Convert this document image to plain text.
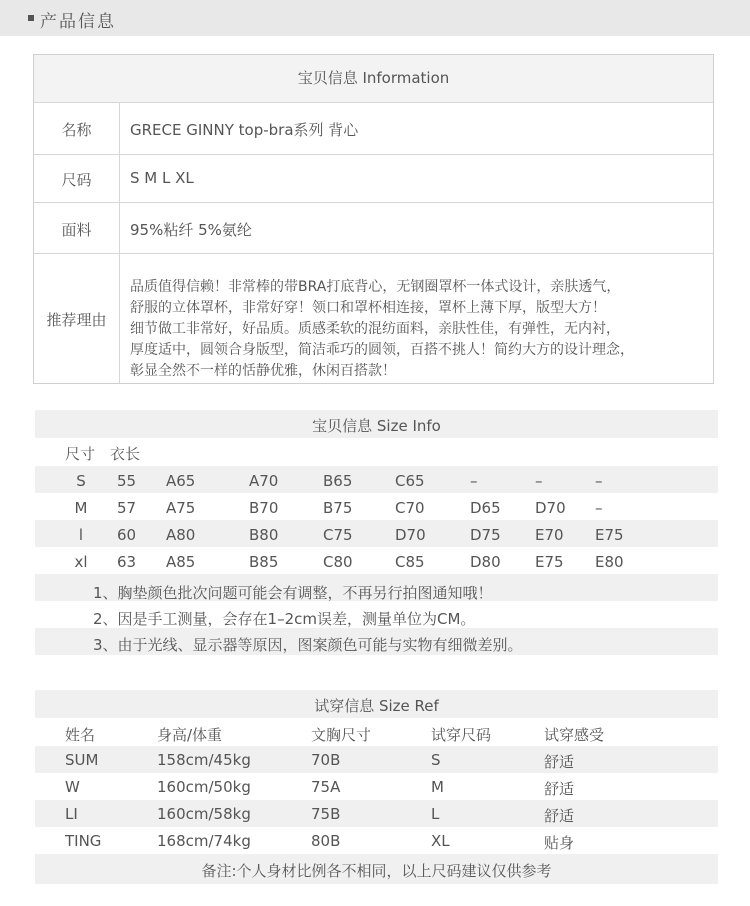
产品信息
宝贝信息 Information
名称	GRECE GINNY top-bra系列 背心
尺码	S M L XL
面料	95%粘纤 5%氨纶
推荐理由
品质值得信赖！非常棒的带BRA打底背心，无钢圈罩杯一体式设计，亲肤透气，
舒服的立体罩杯，非常好穿！领口和罩杯相连接，罩杯上薄下厚，版型大方！
细节做工非常好，好品质。质感柔软的混纺面料，亲肤性佳，有弹性，无内衬，
厚度适中，圆领合身版型，简洁乖巧的圆领，百搭不挑人！简约大方的设计理念，
彰显全然不一样的恬静优雅，休闲百搭款！
宝贝信息 Size Info
尺寸 衣长
S	55 A65	A70	B65	C65	–	–	–
M	57 A75	B70	B75	C70	D65 D70 –
l	60 A80	B80	C75	D70	D75 E70 E75
xl 63 A85	B85	C80	C85	D80 E75 E80
1、胸垫颜色批次问题可能会有调整，不再另行拍图通知哦！
2、因是手工测量，会存在1–2cm误差，测量单位为CM。
3、由于光线、显示器等原因，图案颜色可能与实物有细微差别。
试穿信息 Size Ref
姓名	身高/体重	文胸尺寸	试穿尺码	试穿感受
SUM	158cm/45kg	70B	S	舒适
W	160cm/50kg	75A	M	舒适
LI	160cm/58kg	75B	L	舒适
TING	168cm/74kg	80B	XL	贴身
备注:个人身材比例各不相同，以上尺码建议仅供参考
